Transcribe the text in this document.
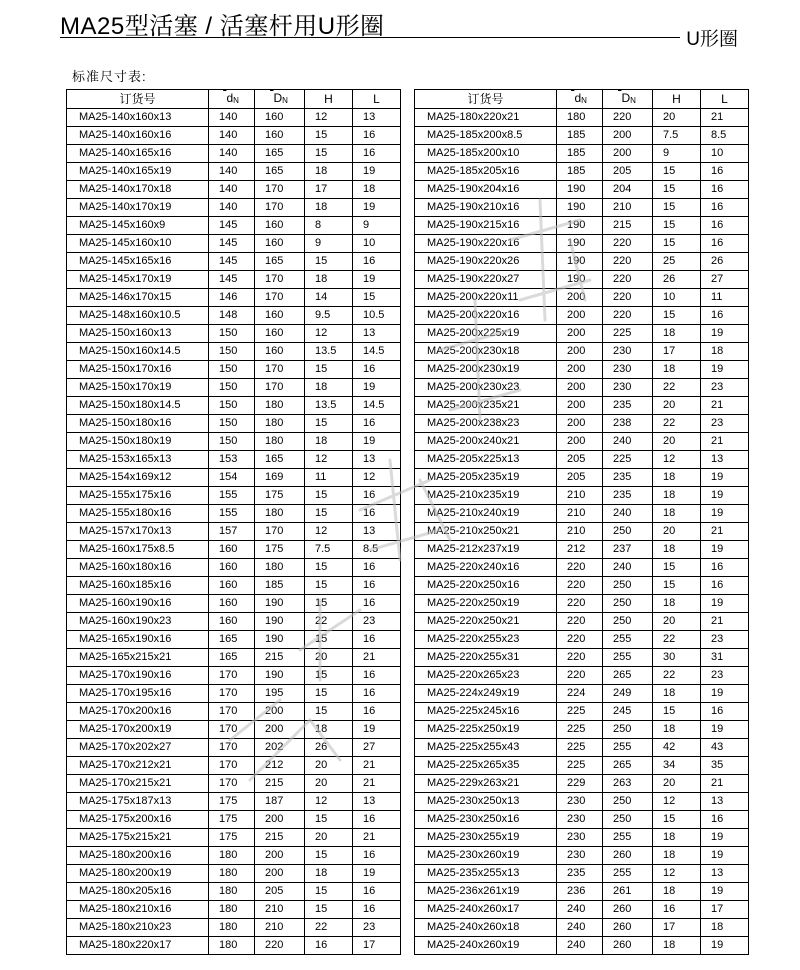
MA25型活塞 / 活塞杆用U形圈	U形圈
标准尺寸表:
订货号	$d_N$	$D_N$	H	L
MA25-140x160x13	140	160	12	13
MA25-140x160x16	140	160	15	16
MA25-140x165x16	140	165	15	16
MA25-140x165x19	140	165	18	19
MA25-140x170x18	140	170	17	18
MA25-140x170x19	140	170	18	19
MA25-145x160x9	145	160	8	9
MA25-145x160x10	145	160	9	10
MA25-145x165x16	145	165	15	16
MA25-145x170x19	145	170	18	19
MA25-146x170x15	146	170	14	15
MA25-148x160x10.5	148	160	9.5	10.5
MA25-150x160x13	150	160	12	13
MA25-150x160x14.5	150	160	13.5	14.5
MA25-150x170x16	150	170	15	16
MA25-150x170x19	150	170	18	19
MA25-150x180x14.5	150	180	13.5	14.5
MA25-150x180x16	150	180	15	16
MA25-150x180x19	150	180	18	19
MA25-153x165x13	153	165	12	13
MA25-154x169x12	154	169	11	12
MA25-155x175x16	155	175	15	16
MA25-155x180x16	155	180	15	16
MA25-157x170x13	157	170	12	13
MA25-160x175x8.5	160	175	7.5	8.5
MA25-160x180x16	160	180	15	16
MA25-160x185x16	160	185	15	16
MA25-160x190x16	160	190	15	16
MA25-160x190x23	160	190	22	23
MA25-165x190x16	165	190	15	16
MA25-165x215x21	165	215	20	21
MA25-170x190x16	170	190	15	16
MA25-170x195x16	170	195	15	16
MA25-170x200x16	170	200	15	16
MA25-170x200x19	170	200	18	19
MA25-170x202x27	170	202	26	27
MA25-170x212x21	170	212	20	21
MA25-170x215x21	170	215	20	21
MA25-175x187x13	175	187	12	13
MA25-175x200x16	175	200	15	16
MA25-175x215x21	175	215	20	21
MA25-180x200x16	180	200	15	16
MA25-180x200x19	180	200	18	19
MA25-180x205x16	180	205	15	16
MA25-180x210x16	180	210	15	16
MA25-180x210x23	180	210	22	23
MA25-180x220x17	180	220	16	17
订货号	$d_N$	$D_N$	H	L
MA25-180x220x21	180	220	20	21
MA25-185x200x8.5	185	200	7.5	8.5
MA25-185x200x10	185	200	9	10
MA25-185x205x16	185	205	15	16
MA25-190x204x16	190	204	15	16
MA25-190x210x16	190	210	15	16
MA25-190x215x16	190	215	15	16
MA25-190x220x16	190	220	15	16
MA25-190x220x26	190	220	25	26
MA25-190x220x27	190	220	26	27
MA25-200x220x11	200	220	10	11
MA25-200x220x16	200	220	15	16
MA25-200x225x19	200	225	18	19
MA25-200x230x18	200	230	17	18
MA25-200x230x19	200	230	18	19
MA25-200x230x23	200	230	22	23
MA25-200x235x21	200	235	20	21
MA25-200x238x23	200	238	22	23
MA25-200x240x21	200	240	20	21
MA25-205x225x13	205	225	12	13
MA25-205x235x19	205	235	18	19
MA25-210x235x19	210	235	18	19
MA25-210x240x19	210	240	18	19
MA25-210x250x21	210	250	20	21
MA25-212x237x19	212	237	18	19
MA25-220x240x16	220	240	15	16
MA25-220x250x16	220	250	15	16
MA25-220x250x19	220	250	18	19
MA25-220x250x21	220	250	20	21
MA25-220x255x23	220	255	22	23
MA25-220x255x31	220	255	30	31
MA25-220x265x23	220	265	22	23
MA25-224x249x19	224	249	18	19
MA25-225x245x16	225	245	15	16
MA25-225x250x19	225	250	18	19
MA25-225x255x43	225	255	42	43
MA25-225x265x35	225	265	34	35
MA25-229x263x21	229	263	20	21
MA25-230x250x13	230	250	12	13
MA25-230x250x16	230	250	15	16
MA25-230x255x19	230	255	18	19
MA25-230x260x19	230	260	18	19
MA25-235x255x13	235	255	12	13
MA25-236x261x19	236	261	18	19
MA25-240x260x17	240	260	16	17
MA25-240x260x18	240	260	17	18
MA25-240x260x19	240	260	18	19
